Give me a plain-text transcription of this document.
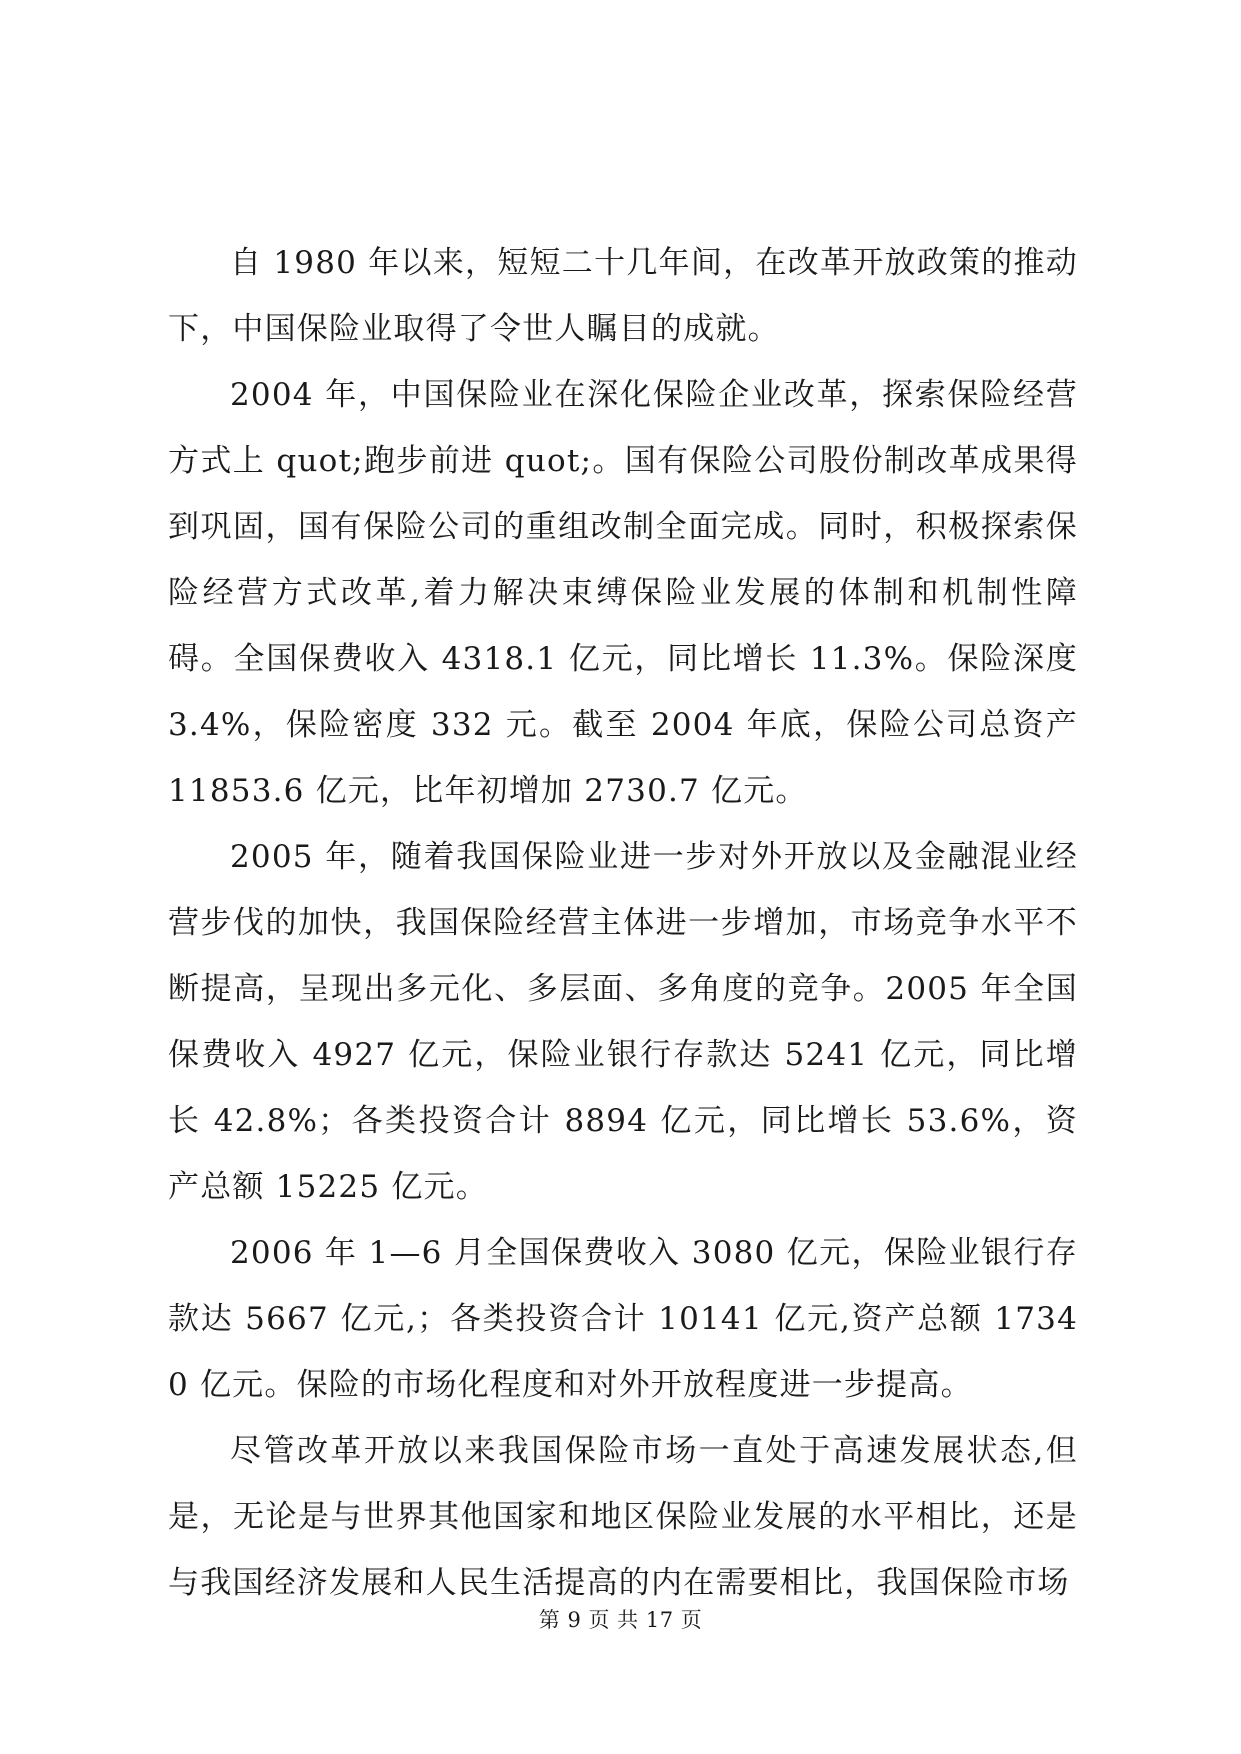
自 1980 年以来，短短二十几年间，在改革开放政策的推动下，中国保险业取得了令世人瞩目的成就。

2004 年，中国保险业在深化保险企业改革，探索保险经营方式上 quot;跑步前进 quot;。国有保险公司股份制改革成果得到巩固，国有保险公司的重组改制全面完成。同时，积极探索保险经营方式改革,着力解决束缚保险业发展的体制和机制性障碍。全国保费收入 4318.1 亿元，同比增长 11.3%。保险深度 3.4%，保险密度 332 元。截至 2004 年底，保险公司总资产 11853.6 亿元，比年初增加 2730.7 亿元。

2005 年，随着我国保险业进一步对外开放以及金融混业经营步伐的加快，我国保险经营主体进一步增加，市场竞争水平不断提高，呈现出多元化、多层面、多角度的竞争。2005 年全国保费收入 4927 亿元，保险业银行存款达 5241 亿元，同比增长 42.8%；各类投资合计 8894 亿元，同比增长 53.6%，资产总额 15225 亿元。

2006 年 1—6 月全国保费收入 3080 亿元，保险业银行存款达 5667 亿元,；各类投资合计 10141 亿元,资产总额 17340 亿元。保险的市场化程度和对外开放程度进一步提高。

尽管改革开放以来我国保险市场一直处于高速发展状态,但是，无论是与世界其他国家和地区保险业发展的水平相比，还是与我国经济发展和人民生活提高的内在需要相比，我国保险市场

第 9 页 共 17 页
